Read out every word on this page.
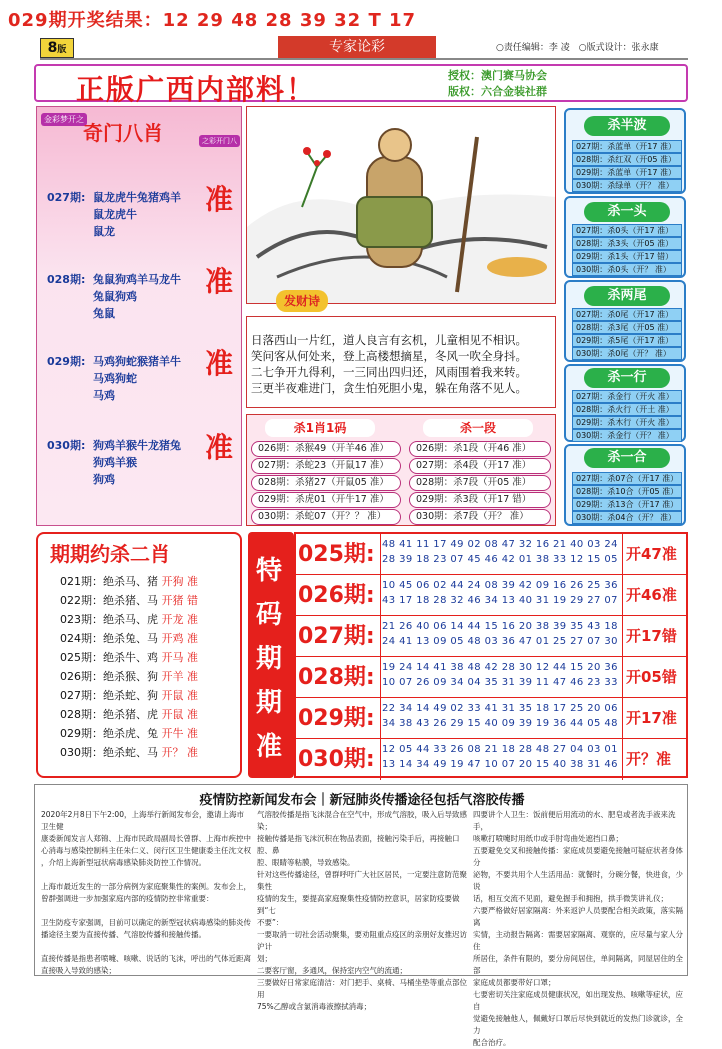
029期开奖结果：12 29 48 28 39 32 T 17
8版	专家论彩	○责任编辑：李 凌　○版式设计：张永康
正版广西内部料！	授权：澳门赛马协会
版权：六合金装社群
金彩梦开之
奇门八肖	之彩开门八
027期: 鼠龙虎牛兔猪鸡羊
鼠龙虎牛
鼠龙
准
028期: 兔鼠狗鸡羊马龙牛
兔鼠狗鸡
兔鼠
准
029期: 马鸡狗蛇猴猪羊牛
马鸡狗蛇
马鸡
准
030期: 狗鸡羊猴牛龙猪兔
狗鸡羊猴
狗鸡
准
发财诗
日落西山一片红，道人良言有玄机，儿童相见不相识。
笑问客从何处来，登上高楼想摘星，冬风一吹全身抖。
二七争开九得利，一三同出四归还，风雨围着我来转。
三更半夜难进门，贪生怕死胆小鬼，躲在角落不见人。
杀1肖1码	杀一段
026期：杀猴49（开羊46 准）
027期：杀蛇23（开鼠17 准）
028期：杀猪27（开鼠05 准）
029期：杀虎01（开牛17 准）
030期：杀蛇07（开？？ 准）
026期：杀1段（开46 准）
027期：杀4段（开17 准）
028期：杀7段（开05 准）
029期：杀3段（开17 错）
030期：杀7段（开？ 准）
杀半波
027期：杀蓝单（开17 准）
028期：杀红双（开05 准）
029期：杀蓝单（开17 准）
030期：杀绿单（开？ 准）
杀一头
027期：杀0头（开17 准）
028期：杀3头（开05 准）
029期：杀1头（开17 错）
030期：杀0头（开？ 准）
杀两尾
027期：杀0尾（开17 准）
028期：杀3尾（开05 准）
029期：杀5尾（开17 准）
030期：杀0尾（开？ 准）
杀一行
027期：杀金行（开火 准）
028期：杀火行（开土 准）
029期：杀木行（开火 准）
030期：杀金行（开？ 准）
杀一合
027期：杀07合（开17 准）
028期：杀10合（开05 准）
029期：杀13合（开17 准）
030期：杀04合（开？ 准）
期期约杀二肖
021期：绝杀马、猪 开狗 准
022期：绝杀猪、马 开猪 错
023期：绝杀马、虎 开龙 准
024期：绝杀兔、马 开鸡 准
025期：绝杀牛、鸡 开马 准
026期：绝杀猴、狗 开羊 准
027期：绝杀蛇、狗 开鼠 准
028期：绝杀猪、虎 开鼠 准
029期：绝杀虎、兔 开牛 准
030期：绝杀蛇、马 开？ 准
特
码
期
期
准
025期: 48 41 11 17 49 02 08 47 32 16 21 40 03 24
28 39 18 23 07 45 46 42 01 38 33 12 15 05 开47准
026期: 10 45 06 02 44 24 08 39 42 09 16 26 25 36
43 17 18 28 32 46 34 13 40 31 19 29 27 07 开46准
027期: 21 26 40 06 14 44 15 16 20 38 39 35 43 18
24 41 13 09 05 48 03 36 47 01 25 27 07 30 开17错
028期: 19 24 14 41 38 48 42 28 30 12 44 15 20 36
10 07 26 09 34 04 35 31 39 11 47 46 23 33 开05错
029期: 22 34 14 49 02 33 41 31 35 18 17 25 20 06
34 38 43 26 29 15 40 09 39 19 36 44 05 48 开17准
030期: 12 05 44 33 26 08 21 18 28 48 27 04 03 01
13 14 34 49 19 47 10 07 20 15 40 38 31 46 开？准
疫情防控新闻发布会｜新冠肺炎传播途径包括气溶胶传播
2020年2月8日下午2:00，上海举行新闻发布会，邀请上海市卫生健
康委新闻发言人郑锦、上海市民政局副局长曾群、上海市疾控中
心消毒与感染控制科主任朱仁义、闵行区卫生健康委主任沈文权
，介绍上海新型冠状病毒感染肺炎防控工作情况。

上海市最近发生的一部分病例为家庭聚集性的案例。发布会上，
曾群强调进一步加强家庭内部的疫情防控非常重要：

卫生防疫专家强调，目前可以确定的新型冠状病毒感染的肺炎传
播途径主要为直接传播、气溶胶传播和接触传播。

直接传播是指患者喷嚏、咳嗽、说话的飞沫，呼出的气体近距离
直接吸入导致的感染；
气溶胶传播是指飞沫混合在空气中，形成气溶胶，吸入后导致感染；
接触传播是指飞沫沉积在物品表面，接触污染手后，再接触口腔、鼻
腔、眼睛等粘膜，导致感染。
针对这些传播途径，曾群呼吁广大社区居民，一定要注意防范聚集性
疫情的发生，要提高家庭聚集性疫情防控意识，居家防疫要做到“七
不要”：
一要取消一切社会活动聚集，要劝阻重点疫区的亲朋好友推迟访沪计
划；
二要客厅窗，多通风，保持室内空气的流通；
三要做好日常家庭清洁：对门把手、桌椅、马桶坐垫等重点部位用
75%乙醇或含氯消毒液擦拭消毒；
四要讲个人卫生：饭前便后用流动的水、肥皂或者洗手液来洗手，
咳嗽打喷嚏时用纸巾或手肘弯曲处遮挡口鼻；
五要避免交叉和接触传播：家庭成员要避免接触可疑症状者身体分
泌物，不要共用个人生活用品：就餐时，分碗分餐，快进食，少说
话，相互交流不见面，避免握手和拥抱，拱手微笑讲礼仪；
六要严格做好居家隔离：外来返沪人员要配合相关政策，落实隔离
实情，主动报告隔离：需要居家隔离、观察的，应尽量与家人分住
所居住，条件有限的，要分房间居住，单间隔离，同屋居住的全部
家庭成员都要带好口罩；
七要密切关注家庭成员健康状况，如出现发热、咳嗽等症状，应自
觉避免接触他人，佩戴好口罩后尽快到就近的发热门诊就诊，全力
配合治疗。
